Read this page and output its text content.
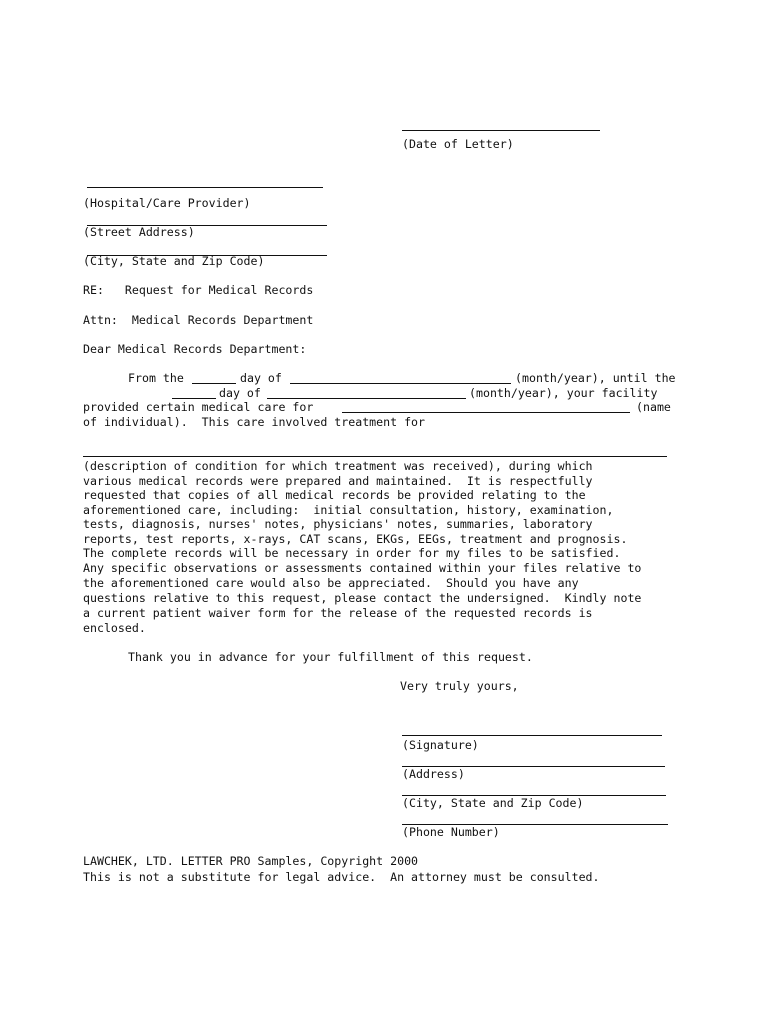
(Date of Letter)
(Hospital/Care Provider)
(Street Address)
(City, State and Zip Code)
RE:   Request for Medical Records
Attn:  Medical Records Department
Dear Medical Records Department:
From the	day of	(month/year), until the
day of	(month/year), your facility
provided certain medical care for	(name
of individual).  This care involved treatment for
(description of condition for which treatment was received), during which
various medical records were prepared and maintained.  It is respectfully
requested that copies of all medical records be provided relating to the
aforementioned care, including:  initial consultation, history, examination,
tests, diagnosis, nurses' notes, physicians' notes, summaries, laboratory
reports, test reports, x-rays, CAT scans, EKGs, EEGs, treatment and prognosis.
The complete records will be necessary in order for my files to be satisfied.
Any specific observations or assessments contained within your files relative to
the aforementioned care would also be appreciated.  Should you have any
questions relative to this request, please contact the undersigned.  Kindly note
a current patient waiver form for the release of the requested records is
enclosed.
Thank you in advance for your fulfillment of this request.
Very truly yours,
(Signature)
(Address)
(City, State and Zip Code)
(Phone Number)
LAWCHEK, LTD. LETTER PRO Samples, Copyright 2000
This is not a substitute for legal advice.  An attorney must be consulted.
